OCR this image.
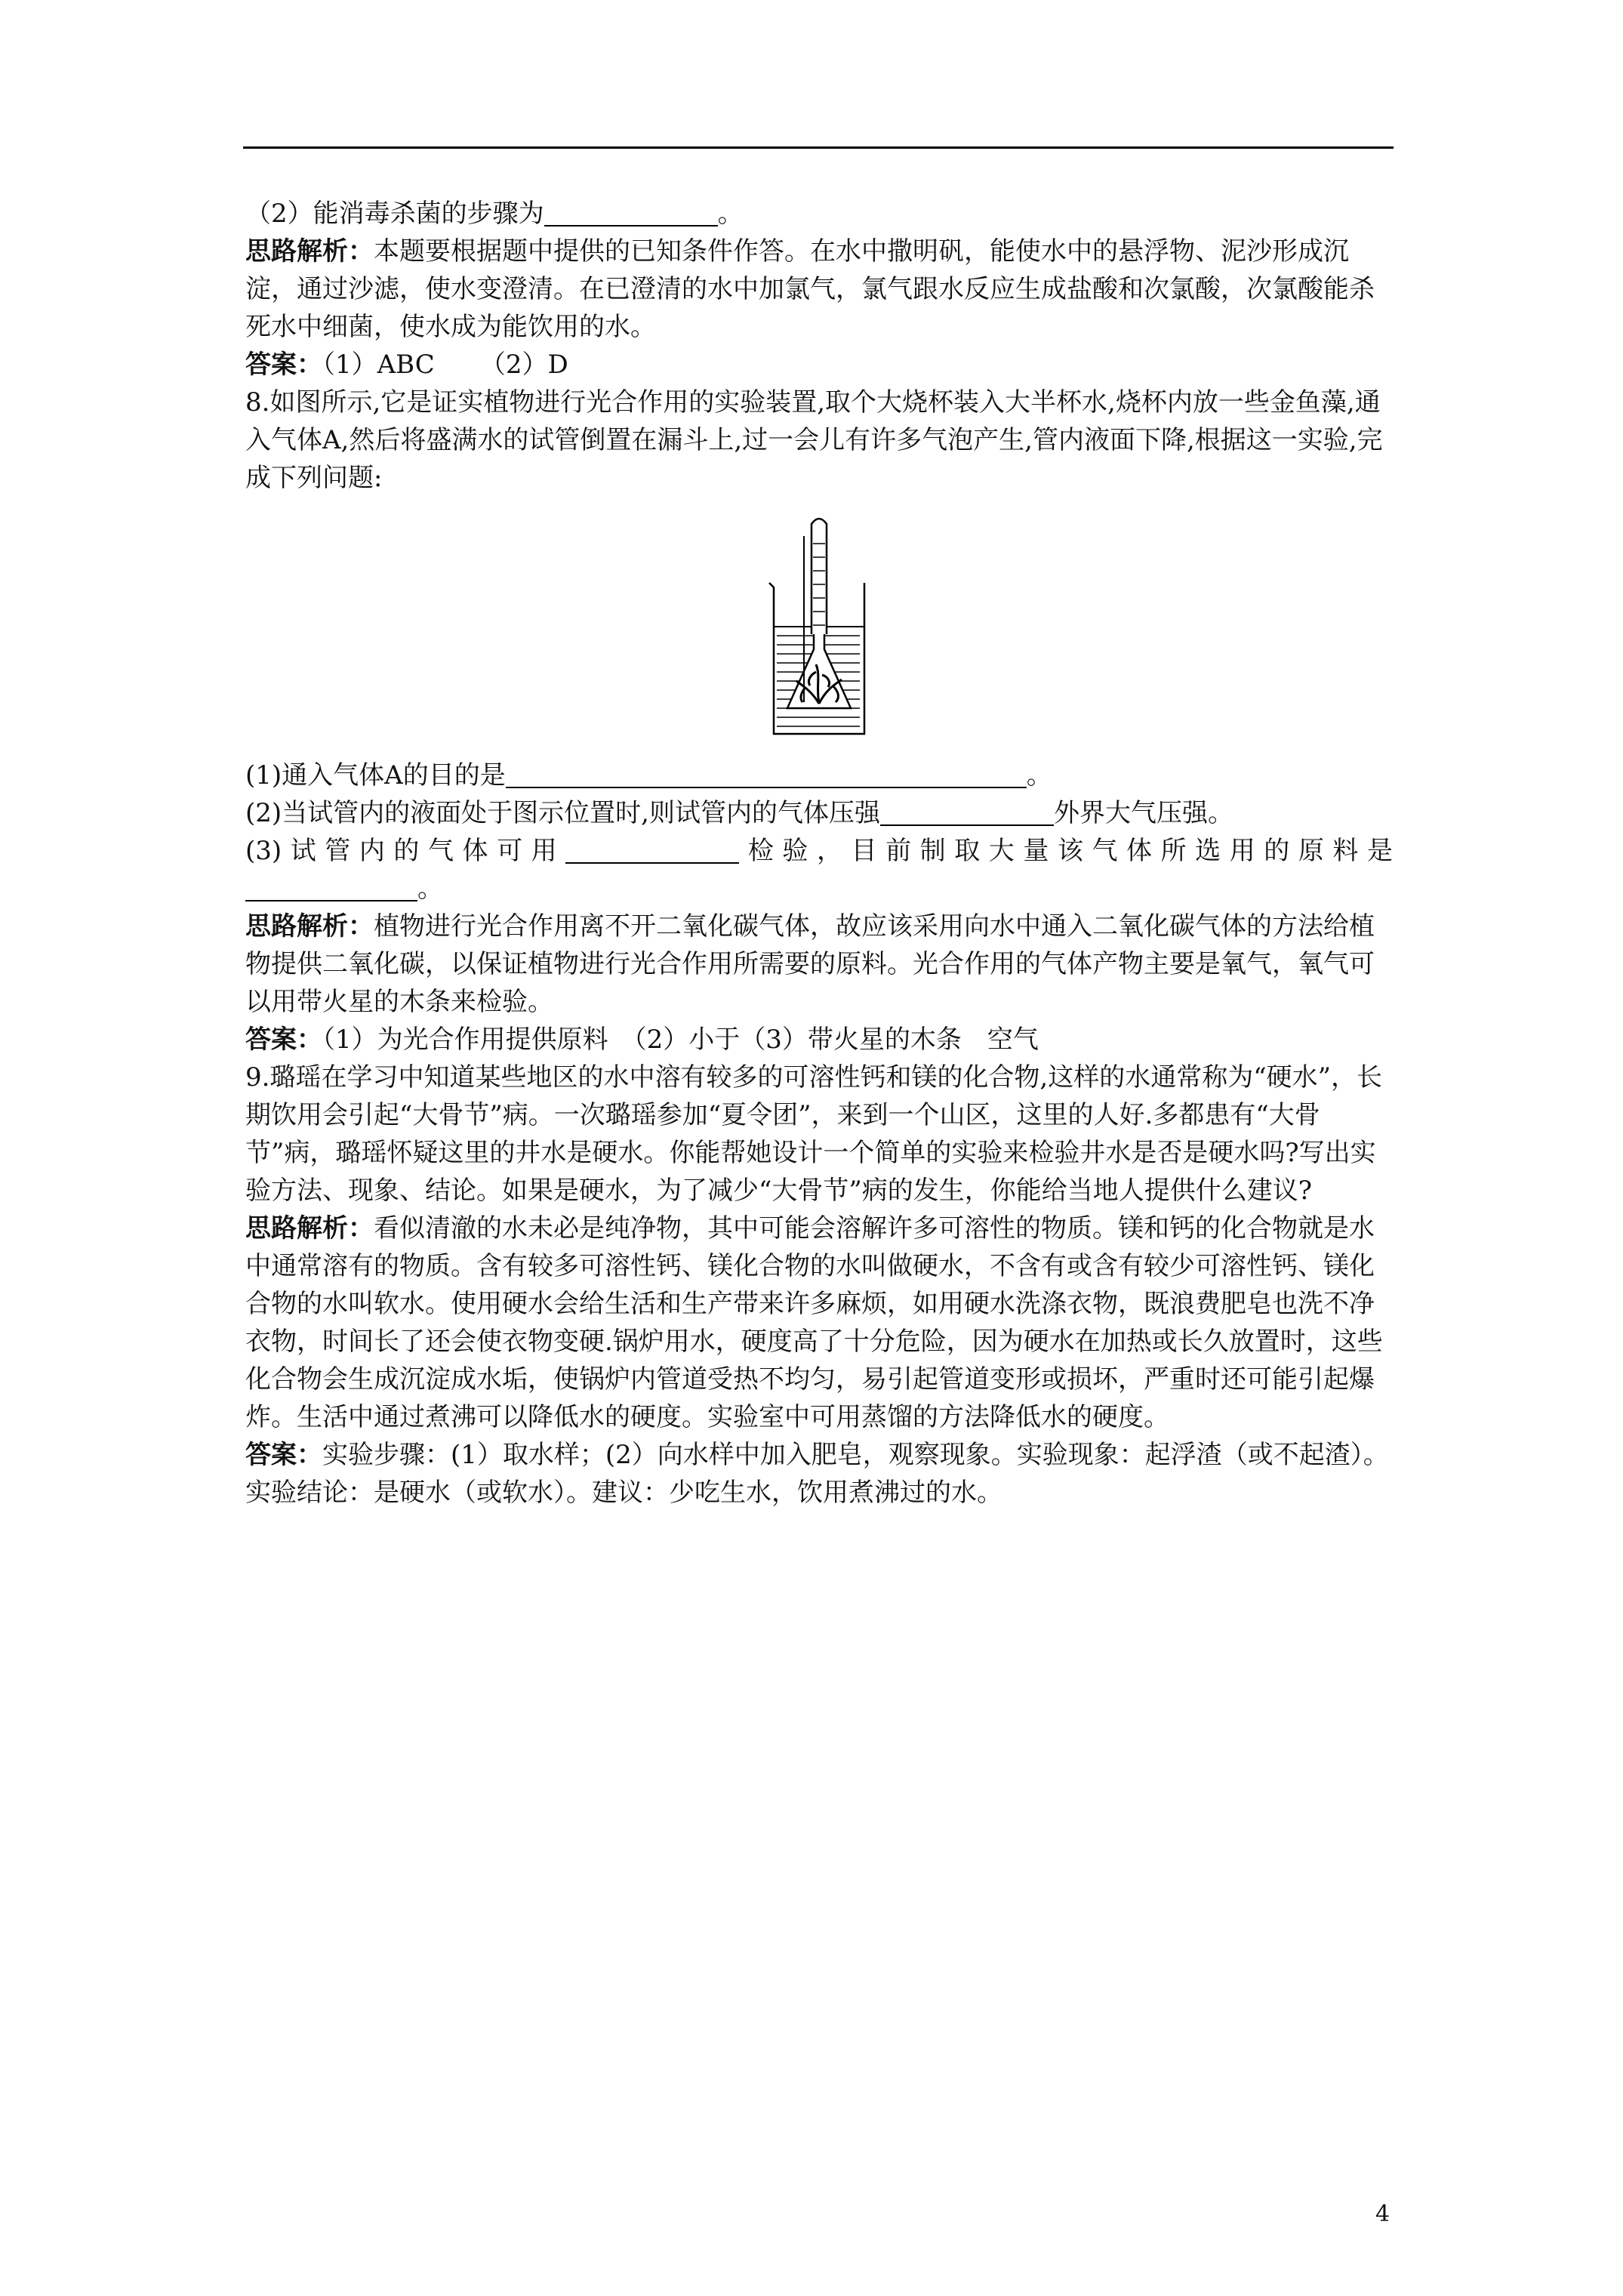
（2）能消毒杀菌的步骤为	。

思路解析：本题要根据题中提供的已知条件作答。在水中撒明矾，能使水中的悬浮物、泥沙形成沉淀，通过沙滤，使水变澄清。在已澄清的水中加氯气，氯气跟水反应生成盐酸和次氯酸，次氯酸能杀死水中细菌，使水成为能饮用的水。

答案：（1）ABC （2）D

8.如图所示,它是证实植物进行光合作用的实验装置,取个大烧杯装入大半杯水,烧杯内放一些金鱼藻,通入气体A,然后将盛满水的试管倒置在漏斗上,过一会儿有许多气泡产生,管内液面下降,根据这一实验,完成下列问题:

(1)通入气体A的目的是	。

(2)当试管内的液面处于图示位置时,则试管内的气体压强	外界大气压强。

(3)试管内的气体可用	检验，目前制取大量该气体所选用的原料是

。

思路解析：植物进行光合作用离不开二氧化碳气体，故应该采用向水中通入二氧化碳气体的方法给植物提供二氧化碳，以保证植物进行光合作用所需要的原料。光合作用的气体产物主要是氧气，氧气可以用带火星的木条来检验。

答案：（1）为光合作用提供原料　（2）小于（3）带火星的木条　空气

9.璐瑶在学习中知道某些地区的水中溶有较多的可溶性钙和镁的化合物,这样的水通常称为“硬水”，长期饮用会引起“大骨节”病。一次璐瑶参加“夏令团”，来到一个山区，这里的人好.多都患有“大骨节”病，璐瑶怀疑这里的井水是硬水。你能帮她设计一个简单的实验来检验井水是否是硬水吗?写出实验方法、现象、结论。如果是硬水，为了减少“大骨节”病的发生，你能给当地人提供什么建议?

思路解析：看似清澈的水未必是纯净物，其中可能会溶解许多可溶性的物质。镁和钙的化合物就是水中通常溶有的物质。含有较多可溶性钙、镁化合物的水叫做硬水，不含有或含有较少可溶性钙、镁化合物的水叫软水。使用硬水会给生活和生产带来许多麻烦，如用硬水洗涤衣物，既浪费肥皂也洗不净衣物，时间长了还会使衣物变硬.锅炉用水，硬度高了十分危险，因为硬水在加热或长久放置时，这些化合物会生成沉淀成水垢，使锅炉内管道受热不均匀，易引起管道变形或损坏，严重时还可能引起爆炸。生活中通过煮沸可以降低水的硬度。实验室中可用蒸馏的方法降低水的硬度。

答案：实验步骤：(1）取水样；(2）向水样中加入肥皂，观察现象。实验现象：起浮渣（或不起渣）。实验结论：是硬水（或软水）。建议：少吃生水，饮用煮沸过的水。

4
